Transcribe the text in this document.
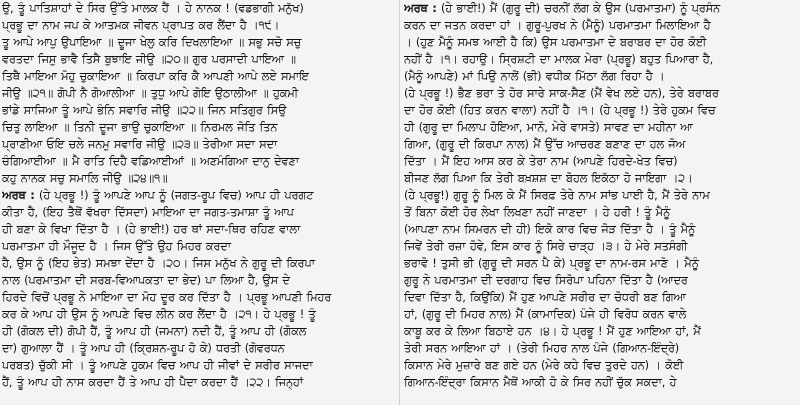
ਉ, ਤੂੰ ਪਾਤਿਸ਼ਾਹਾਂ ਦੇ ਸਿਰ ਉੱਤੇ ਮਾਲਕ ਹੈਂ । ਹੇ ਨਾਨਕ ! (ਵਡਭਾਗੀ ਮਨੁੱਖ)
ਪ੍ਰਭੂ ਦਾ ਨਾਮ ਜਪ ਕੇ ਆਤਮਕ ਜੀਵਨ ਪ੍ਰਾਪਤ ਕਰ ਲੈਂਦਾ ਹੈ ।੧੯।
ਤੂ ਆਪੇ ਆਪੁ ਉਪਾਇਆ ॥ ਦੂਜਾ ਖੇਲੁ ਕਰਿ ਦਿਖਲਾਇਆ ॥ ਸਭੁ ਸਚੋ ਸਚੁ
ਵਰਤਦਾ ਜਿਸੁ ਭਾਵੈ ਤਿਸੈ ਬੁਝਾਇ ਜੀਉ ॥੨੦॥ ਗੁਰ ਪਰਸਾਦੀ ਪਾਇਆ ॥
ਤਿਥੈ ਮਾਇਆ ਮੋਹੁ ਚੁਕਾਇਆ ॥ ਕਿਰਪਾ ਕਰਿ ਕੈ ਆਪਣੀ ਆਪੇ ਲਏ ਸਮਾਇ
ਜੀਉ ॥੨੧॥ ਗੋਪੀ ਨੈ ਗੋਆਲੀਆ ॥ ਤੁਧੁ ਆਪੇ ਗੋਇ ਉਠਾਲੀਆ ॥ ਹੁਕਮੀ
ਭਾਂਡੇ ਸਾਜਿਆ ਤੂੰ ਆਪੇ ਭੰਨਿ ਸਵਾਰਿ ਜੀਉ ॥੨੨॥ ਜਿਨ ਸਤਿਗੁਰ ਸਿਉ
ਚਿਤੁ ਲਾਇਆ ॥ ਤਿਨੀ ਦੂਜਾ ਭਾਉ ਚੁਕਾਇਆ ॥ ਨਿਰਮਲ ਜੋਤਿ ਤਿਨ
ਪ੍ਰਾਣੀਆ ਓਇ ਚਲੇ ਜਨਮੁ ਸਵਾਰਿ ਜੀਉ ॥੨੩॥ ਤੇਰੀਆ ਸਦਾ ਸਦਾ
ਚੰਗਿਆਈਆ ॥ ਮੈ ਰਾਤਿ ਦਿਹੈ ਵਡਿਆਈਆਂ ॥ ਅਣਮੰਗਿਆ ਦਾਨੁ ਦੇਵਣਾ
ਕਹੁ ਨਾਨਕ ਸਚੁ ਸਮਾਲਿ ਜੀਉ ॥੨੪॥੧॥
ਅਰਥ : (ਹੇ ਪ੍ਰਭੂ !) ਤੂੰ ਆਪਣੇ ਆਪ ਨੂੰ (ਜਗਤ-ਰੂਪ ਵਿਚ) ਆਪ ਹੀ ਪਰਗਟ
ਕੀਤਾ ਹੈ, (ਇਹ ਤੈਥੋਂ ਵੱਖਰਾ ਦਿੱਸਦਾ) ਮਾਇਆ ਦਾ ਜਗਤ-ਤਮਾਸ਼ਾ ਤੂੰ ਆਪ
ਹੀ ਬਣਾ ਕੇ ਵਿਖਾ ਦਿੱਤਾ ਹੈ । (ਹੇ ਭਾਈ!) ਹਰ ਥਾਂ ਸਦਾ-ਥਿਰ ਰਹਿਣ ਵਾਲਾ
ਪਰਮਾਤਮਾ ਹੀ ਮੌਜੂਦ ਹੈ । ਜਿਸ ਉੱਤੇ ਉਹ ਮਿਹਰ ਕਰਦਾ
ਹੈ, ਉਸ ਨੂੰ (ਇਹ ਭੇਤ) ਸਮਝਾ ਦੇਂਦਾ ਹੈ ।੨੦। ਜਿਸ ਮਨੁੱਖ ਨੇ ਗੁਰੂ ਦੀ ਕਿਰਪਾ
ਨਾਲ (ਪਰਮਾਤਮਾ ਦੀ ਸਰਬ-ਵਿਆਪਕਤਾ ਦਾ ਭੇਦ) ਪਾ ਲਿਆ ਹੈ, ਉਸ ਦੇ
ਹਿਰਦੇ ਵਿਚੋਂ ਪ੍ਰਭੂ ਨੇ ਮਾਇਆ ਦਾ ਮੋਹ ਦੂਰ ਕਰ ਦਿੱਤਾ ਹੈ । ਪ੍ਰਭੂ ਆਪਣੀ ਮਿਹਰ
ਕਰ ਕੇ ਆਪ ਹੀ ਉਸ ਨੂੰ ਆਪਣੇ ਵਿਚ ਲੀਨ ਕਰ ਲੈਂਦਾ ਹੈ ।੨੧। ਹੇ ਪ੍ਰਭੂ ! ਤੂੰ
ਹੀ (ਗੋਕਲ ਦੀ) ਗੋਪੀ ਹੈਂ, ਤੂੰ ਆਪ ਹੀ (ਜਮਨਾ) ਨਦੀ ਹੈਂ, ਤੂੰ ਆਪ ਹੀ (ਗੋਕਲ
ਦਾ) ਗੁਆਲਾ ਹੈਂ । ਤੂੰ ਆਪ ਹੀ (ਕ੍ਰਿਸ਼ਨ-ਰੂਪ ਹੋ ਕੇ) ਧਰਤੀ (ਗੋਵਰਧਨ
ਪਰਬਤ) ਚੁੱਕੀ ਸੀ । ਤੂੰ ਆਪਣੇ ਹੁਕਮ ਵਿਚ ਆਪ ਹੀ ਜੀਵਾਂ ਦੇ ਸਰੀਰ ਸਾਜਦਾ
ਹੈਂ, ਤੂੰ ਆਪ ਹੀ ਨਾਸ ਕਰਦਾ ਹੈਂ ਤੇ ਆਪ ਹੀ ਪੈਦਾ ਕਰਦਾ ਹੈਂ ।੨੨। ਜਿਨ੍ਹਾਂ
ਅਰਥ : (ਹੇ ਭਾਈ!) ਮੈਂ (ਗੁਰੂ ਦੀ) ਚਰਨੀਂ ਲੱਗ ਕੇ ਉਸ (ਪਰਮਾਤਮਾ) ਨੂੰ ਪ੍ਰਸੰਨ
ਕਰਨ ਦਾ ਜਤਨ ਕਰਦਾ ਹਾਂ । ਗੁਰੂ-ਪੁਰਖ ਨੇ (ਮੈਨੂੰ) ਪਰਮਾਤਮਾ ਮਿਲਾਇਆ ਹੈ
। (ਹੁਣ ਮੈਨੂੰ ਸਮਝ ਆਈ ਹੈ ਕਿ) ਉਸ ਪਰਮਾਤਮਾ ਦੇ ਬਰਾਬਰ ਦਾ ਹੋਰ ਕੋਈ
ਨਹੀਂ ਹੈ ।੧। ਰਹਾਉ। ਸ੍ਰਿਸ਼ਟੀ ਦਾ ਮਾਲਕ ਮੇਰਾ (ਪ੍ਰਭੂ) ਬਹੁਤ ਪਿਆਰਾ ਹੈ,
(ਮੈਨੂੰ ਆਪਣੇ) ਮਾਂ ਪਿਉ ਨਾਲੋਂ (ਭੀ) ਵਧੀਕ ਮਿੱਠਾ ਲੱਗ ਰਿਹਾ ਹੈ ।
(ਹੇ ਪ੍ਰਭੂ !) ਭੈਣ ਭਰਾ ਤੇ ਹੋਰ ਸਾਰੇ ਸਾਕ-ਸੈਣ (ਮੈਂ ਵੇਖ ਲਏ ਹਨ), ਤੇਰੇ ਬਰਾਬਰ
ਦਾ ਹੋਰ ਕੋਈ (ਹਿਤ ਕਰਨ ਵਾਲਾ) ਨਹੀਂ ਹੈ ।੧। (ਹੇ ਪ੍ਰਭੂ !) ਤੇਰੇ ਹੁਕਮ ਵਿਚ
ਹੀ (ਗੁਰੂ ਦਾ ਮਿਲਾਪ ਹੋਇਆ, ਮਾਨੋ, ਮੇਰੇ ਵਾਸਤੇ) ਸਾਵਣ ਦਾ ਮਹੀਨਾ ਆ
ਗਿਆ, (ਗੁਰੂ ਦੀ ਕਿਰਪਾ ਨਾਲ) ਮੈਂ ਉੱਚ ਆਚਰਣ ਬਣਾਣ ਦਾ ਹਲ ਜੋਅ
ਦਿੱਤਾ । ਮੈਂ ਇਹ ਆਸ ਕਰ ਕੇ ਤੇਰਾ ਨਾਮ (ਆਪਣੇ ਹਿਰਦੇ-ਖੇਤ ਵਿਚ)
ਬੀਜਣ ਲੱਗ ਪਿਆ ਕਿ ਤੇਰੀ ਬਖ਼ਸ਼ਸ਼ ਦਾ ਬੋਹਲ ਇਕੱਠਾ ਹੋ ਜਾਇਗਾ ।੨।
(ਹੇ ਪ੍ਰਭੂ!) ਗੁਰੂ ਨੂੰ ਮਿਲ ਕੇ ਮੈਂ ਸਿਰਫ਼ ਤੇਰੇ ਨਾਮ ਸਾਂਭ ਪਾਈ ਹੈ, ਮੈਂ ਤੇਰੇ ਨਾਮ
ਤੋਂ ਬਿਨਾ ਕੋਈ ਹੋਰ ਲੇਖਾ ਲਿਖਣਾ ਨਹੀਂ ਜਾਣਦਾ । ਹੇ ਹਰੀ ! ਤੂੰ ਮੈਨੂੰ
(ਆਪਣਾ ਨਾਮ ਸਿਮਰਨ ਦੀ ਹੀ) ਇਕੋ ਕਾਰ ਵਿਚ ਜੋੜ ਦਿੱਤਾ ਹੈ । ਤੂੰ ਮੈਨੂੰ
ਜਿਵੇਂ ਤੇਰੀ ਰਜ਼ਾ ਹੋਵੇ, ਇਸ ਕਾਰ ਨੂੰ ਸਿਰੇ ਚਾੜ੍ਹ ।੩। ਹੇ ਮੇਰੇ ਸਤਸੰਗੀ
ਭਰਾਵੋ ! ਤੁਸੀ ਭੀ (ਗੁਰੂ ਦੀ ਸਰਨ ਪੈ ਕੇ) ਪ੍ਰਭੂ ਦਾ ਨਾਮ-ਰਸ ਮਾਣੋ । ਮੈਨੂੰ
ਗੁਰੂ ਨੇ ਪਰਮਾਤਮਾ ਦੀ ਦਰਗਾਹ ਵਿਚ ਸਿਰੋਪਾ ਪਹਿਨਾ ਦਿੱਤਾ ਹੈ (ਆਦਰ
ਦਿਵਾ ਦਿੱਤਾ ਹੈ, ਕਿਉਂਕਿ) ਮੈਂ ਹੁਣ ਆਪਣੇ ਸਰੀਰ ਦਾ ਚੋਧਰੀ ਬਣ ਗਿਆ
ਹਾਂ, (ਗੁਰੂ ਦੀ ਮਿਹਰ ਨਾਲ) ਮੈਂ (ਕਾਮਾਦਿਕ) ਪੰਜੇ ਹੀ ਵਿਰੋਧ ਕਰਨ ਵਾਲੇ
ਕਾਬੂ ਕਰ ਕੇ ਲਿਆ ਬਿਠਾਏ ਹਨ ।੪। ਹੇ ਪ੍ਰਭੂ ! ਮੈਂ ਹੁਣ ਆਇਆ ਹਾਂ, ਮੈਂ
ਤੇਰੀ ਸਰਨ ਆਇਆ ਹਾਂ । (ਤੇਰੀ ਮਿਹਰ ਨਾਲ ਪੰਜੇ (ਗਿਆਨ-ਇੰਦ੍ਰੇ)
ਕਿਸਾਨ ਮੇਰੇ ਮੁਜ਼ਾਰੇ ਬਣ ਗਏ ਹਨ (ਮੇਰੇ ਕਹੇ ਵਿਚ ਤੁਰਦੇ ਹਨ) । ਕੋਈ
ਗਿਆਨ-ਇੰਦ੍ਰਾ ਕਿਸਾਨ ਮੈਥੋਂ ਆਕੀ ਹੋ ਕੇ ਸਿਰ ਨਹੀਂ ਚੁੱਕ ਸਕਦਾ, ਹੇ
